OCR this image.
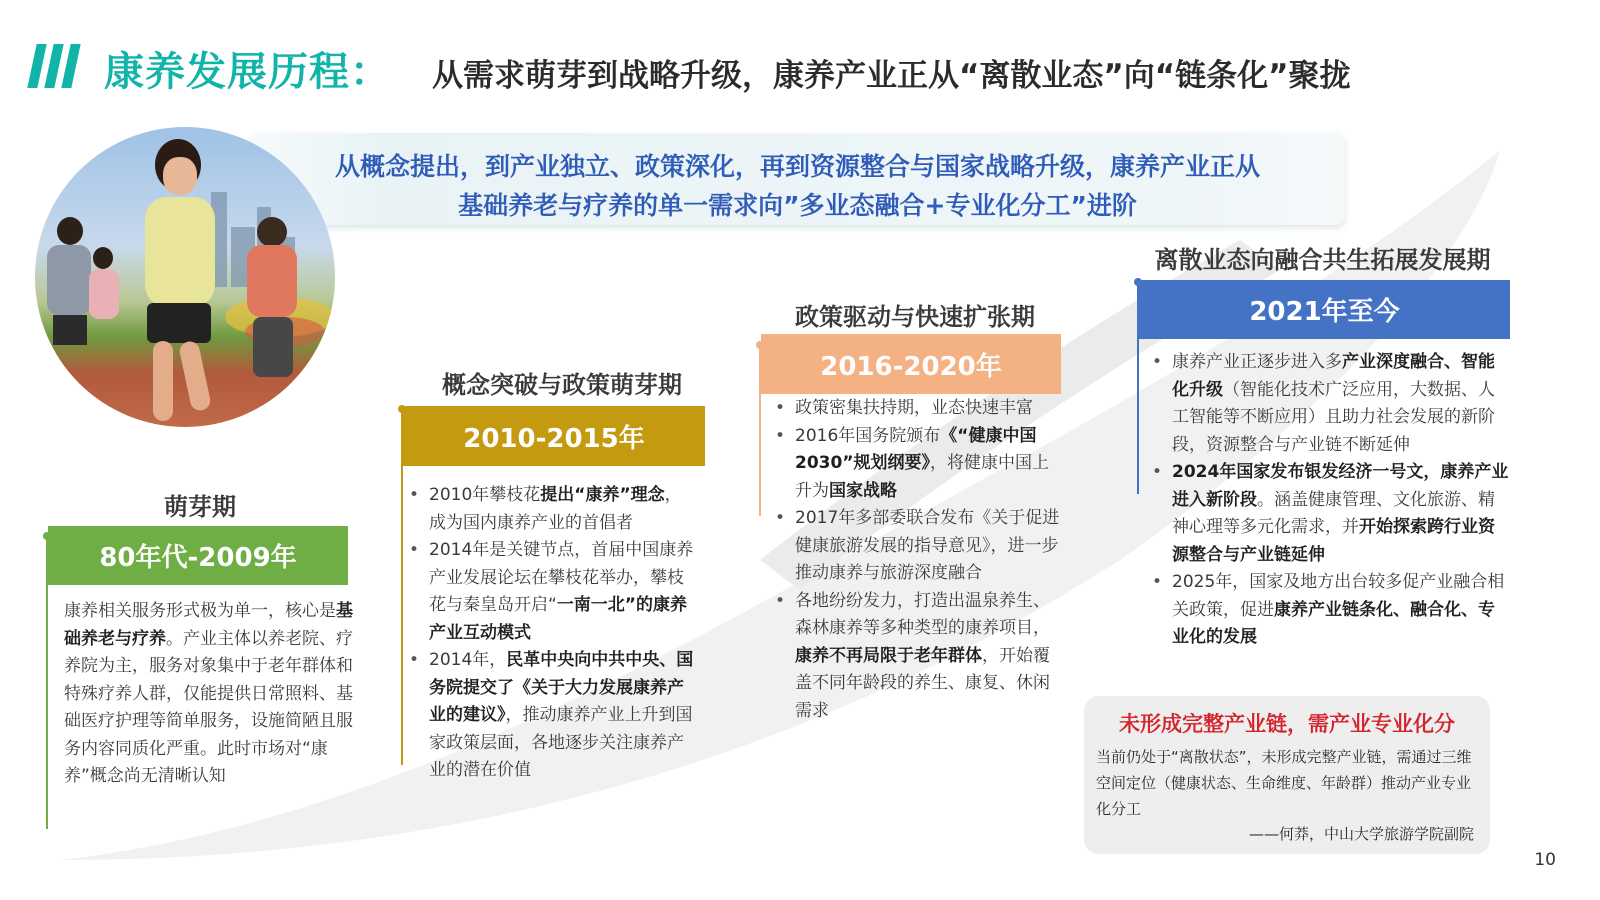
康养发展历程： 从需求萌芽到战略升级，康养产业正从“离散业态”向“链条化”聚拢
从概念提出，到产业独立、政策深化，再到资源整合与国家战略升级，康养产业正从
基础养老与疗养的单一需求向”多业态融合+专业化分工”进阶
萌芽期
80年代-2009年
康养相关服务形式极为单一，核心是基础养老与疗养。产业主体以养老院、疗养院为主，服务对象集中于老年群体和特殊疗养人群，仅能提供日常照料、基础医疗护理等简单服务，设施简陋且服务内容同质化严重。此时市场对“康养”概念尚无清晰认知
概念突破与政策萌芽期
2010-2015年
• 2010年攀枝花提出“康养”理念，成为国内康养产业的首倡者
• 2014年是关键节点，首届中国康养产业发展论坛在攀枝花举办，攀枝花与秦皇岛开启“一南一北”的康养产业互动模式
• 2014年，民革中央向中共中央、国务院提交了《关于大力发展康养产业的建议》，推动康养产业上升到国家政策层面，各地逐步关注康养产业的潜在价值
政策驱动与快速扩张期
2016-2020年
• 政策密集扶持期，业态快速丰富
• 2016年国务院颁布《“健康中国2030”规划纲要》，将健康中国上升为国家战略
• 2017年多部委联合发布《关于促进健康旅游发展的指导意见》，进一步推动康养与旅游深度融合
• 各地纷纷发力，打造出温泉养生、森林康养等多种类型的康养项目，康养不再局限于老年群体，开始覆盖不同年龄段的养生、康复、休闲需求
离散业态向融合共生拓展发展期
2021年至今
• 康养产业正逐步进入多产业深度融合、智能化升级（智能化技术广泛应用，大数据、人工智能等不断应用）且助力社会发展的新阶段，资源整合与产业链不断延伸
• 2024年国家发布银发经济一号文，康养产业进入新阶段。涵盖健康管理、文化旅游、精神心理等多元化需求，并开始探索跨行业资源整合与产业链延伸
• 2025年，国家及地方出台较多促产业融合相关政策，促进康养产业链条化、融合化、专业化的发展
未形成完整产业链，需产业专业化分
当前仍处于“离散状态”，未形成完整产业链，需通过三维空间定位（健康状态、生命维度、年龄群）推动产业专业化分工
——何莽，中山大学旅游学院副院
10
